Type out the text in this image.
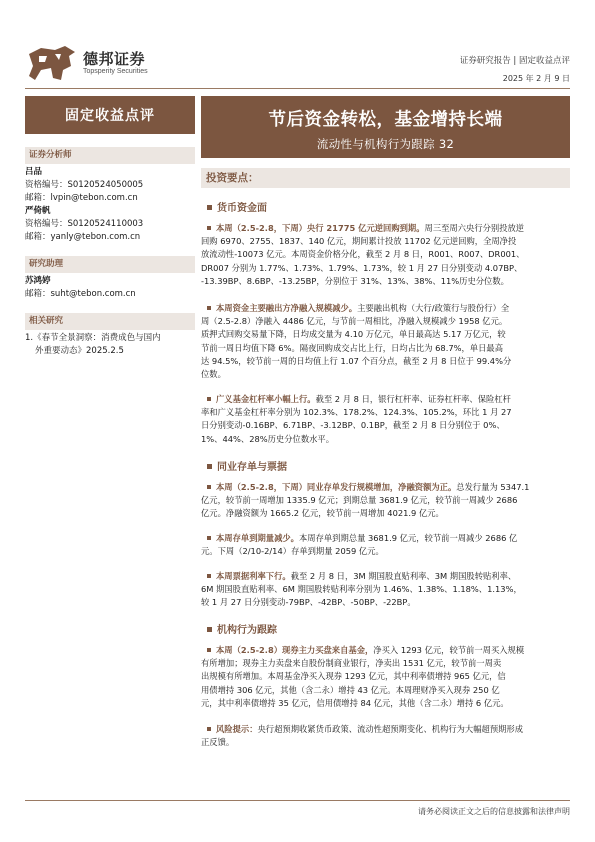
德邦证券
Topsperity Securities
证券研究报告 | 固定收益点评
2025 年 2 月 9 日
固定收益点评
证券分析师
吕品
资格编号：S0120524050005
邮箱：lvpin@tebon.com.cn
严倚帆
资格编号：S0120524110003
邮箱：yanly@tebon.com.cn
研究助理
苏鸿婷
邮箱：suht@tebon.com.cn
相关研究
1.《春节全景洞察：消费成色与国内
外重要动态》2025.2.5
节后资金转松，基金增持长端
流动性与机构行为跟踪 32
投资要点：
货币资金面
本周（2.5-2.8，下周）央行 21775 亿元逆回购到期。周三至周六央行分别投放逆
回购 6970、2755、1837、140 亿元，期间累计投放 11702 亿元逆回购，全周净投
放流动性-10073 亿元。本周资金价格分化，截至 2 月 8 日，R001、R007、DR001、
DR007 分别为 1.77%、1.73%、1.79%、1.73%，较 1 月 27 日分别变动 4.07BP、
-13.39BP、8.6BP、-13.25BP，分别位于 31%、13%、38%、11%历史分位数。
本周资金主要融出方净融入规模减少。主要融出机构（大行/政策行与股份行）全
周（2.5-2.8）净融入 4486 亿元，与节前一周相比，净融入规模减少 1958 亿元。
质押式回购交易量下降，日均成交量为 4.10 万亿元，单日最高达 5.17 万亿元，较
节前一周日均值下降 6%。隔夜回购成交占比上行，日均占比为 68.7%，单日最高
达 94.5%，较节前一周的日均值上行 1.07 个百分点，截至 2 月 8 日位于 99.4%分
位数。
广义基金杠杆率小幅上行。截至 2 月 8 日，银行杠杆率、证券杠杆率、保险杠杆
率和广义基金杠杆率分别为 102.3%、178.2%、124.3%、105.2%，环比 1 月 27
日分别变动-0.16BP、6.71BP、-3.12BP、0.1BP，截至 2 月 8 日分别位于 0%、
1%、44%、28%历史分位数水平。
同业存单与票据
本周（2.5-2.8，下周）同业存单发行规模增加，净融资额为正。总发行量为 5347.1
亿元，较节前一周增加 1335.9 亿元；到期总量 3681.9 亿元，较节前一周减少 2686
亿元。净融资额为 1665.2 亿元，较节前一周增加 4021.9 亿元。
本周存单到期量减少。本周存单到期总量 3681.9 亿元，较节前一周减少 2686 亿
元。下周（2/10-2/14）存单到期量 2059 亿元。
本周票据利率下行。截至 2 月 8 日，3M 期国股直贴利率、3M 期国股转贴利率、
6M 期国股直贴利率、6M 期国股转贴利率分别为 1.46%、1.38%、1.18%、1.13%，
较 1 月 27 日分别变动-79BP、-42BP、-50BP、-22BP。
机构行为跟踪
本周（2.5-2.8）现券主力买盘来自基金，净买入 1293 亿元，较节前一周买入规模
有所增加；现券主力卖盘来自股份制商业银行，净卖出 1531 亿元，较节前一周卖
出规模有所增加。本周基金净买入现券 1293 亿元，其中利率债增持 965 亿元，信
用债增持 306 亿元，其他（含二永）增持 43 亿元。本周理财净买入现券 250 亿
元，其中利率债增持 35 亿元，信用债增持 84 亿元，其他（含二永）增持 6 亿元。
风险提示：央行超预期收紧货币政策、流动性超预期变化、机构行为大幅超预期形成
正反馈。
请务必阅读正文之后的信息披露和法律声明
